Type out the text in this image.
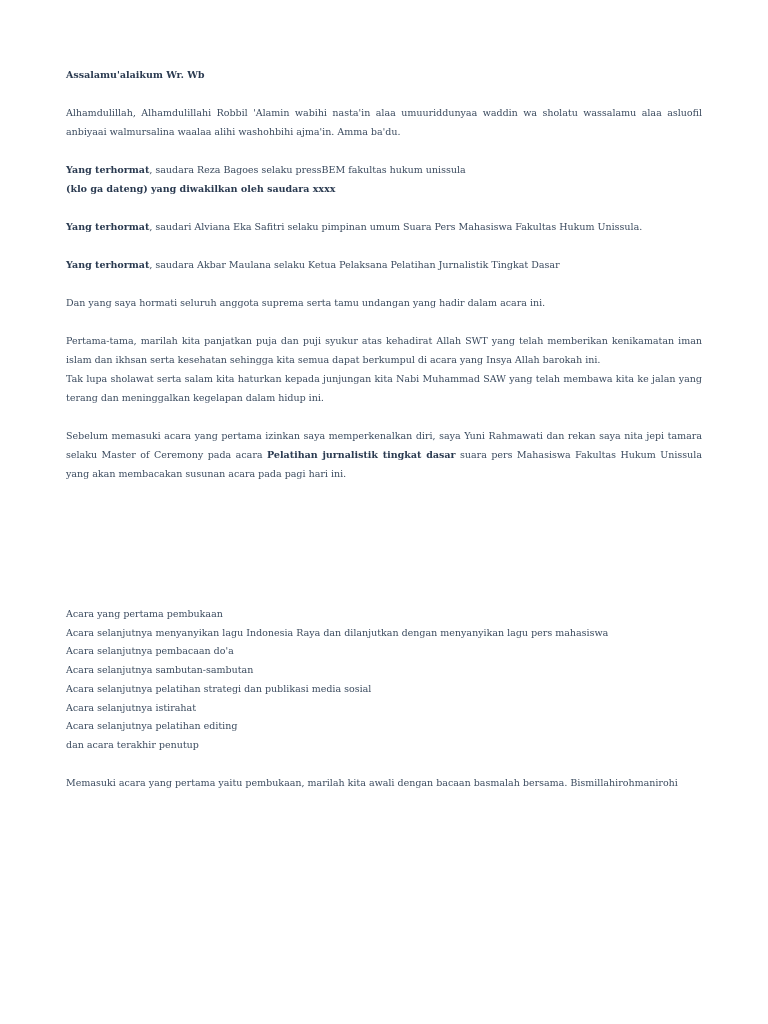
Assalamu'alaikum Wr. Wb

Alhamdulillah, Alhamdulillahi Robbil 'Alamin wabihi nasta'in alaa umuuriddunyaa waddin wa sholatu wassalamu alaa asluofil anbiyaai walmursalina waalaa alihi washohbihi ajma'in. Amma ba'du.

Yang terhormat, saudara Reza Bagoes selaku pressBEM fakultas hukum unissula

(klo ga dateng) yang diwakilkan oleh saudara xxxx

Yang terhormat, saudari Alviana Eka Safitri selaku pimpinan umum Suara Pers Mahasiswa Fakultas Hukum Unissula.

Yang terhormat, saudara Akbar Maulana selaku Ketua Pelaksana Pelatihan Jurnalistik Tingkat Dasar

Dan yang saya hormati seluruh anggota suprema serta tamu undangan yang hadir dalam acara ini.

Pertama-tama, marilah kita panjatkan puja dan puji syukur atas kehadirat Allah SWT yang telah memberikan kenikamatan iman islam dan ikhsan serta kesehatan sehingga kita semua dapat berkumpul di acara yang Insya Allah barokah ini.

Tak lupa sholawat serta salam kita haturkan kepada junjungan kita Nabi Muhammad SAW yang telah membawa kita ke jalan yang terang dan meninggalkan kegelapan dalam hidup ini.

Sebelum memasuki acara yang pertama izinkan saya memperkenalkan diri, saya Yuni Rahmawati dan rekan saya nita jepi tamara selaku Master of Ceremony pada acara Pelatihan jurnalistik tingkat dasar suara pers Mahasiswa Fakultas Hukum Unissula yang akan membacakan susunan acara pada pagi hari ini.

Acara yang pertama pembukaan

Acara selanjutnya menyanyikan lagu Indonesia Raya dan dilanjutkan dengan menyanyikan lagu pers mahasiswa

Acara selanjutnya pembacaan do'a

Acara selanjutnya sambutan-sambutan

Acara selanjutnya pelatihan strategi dan publikasi media sosial

Acara selanjutnya istirahat

Acara selanjutnya pelatihan editing

dan acara terakhir penutup

Memasuki acara yang pertama yaitu pembukaan, marilah kita awali dengan bacaan basmalah bersama. Bismillahirohmanirohi
